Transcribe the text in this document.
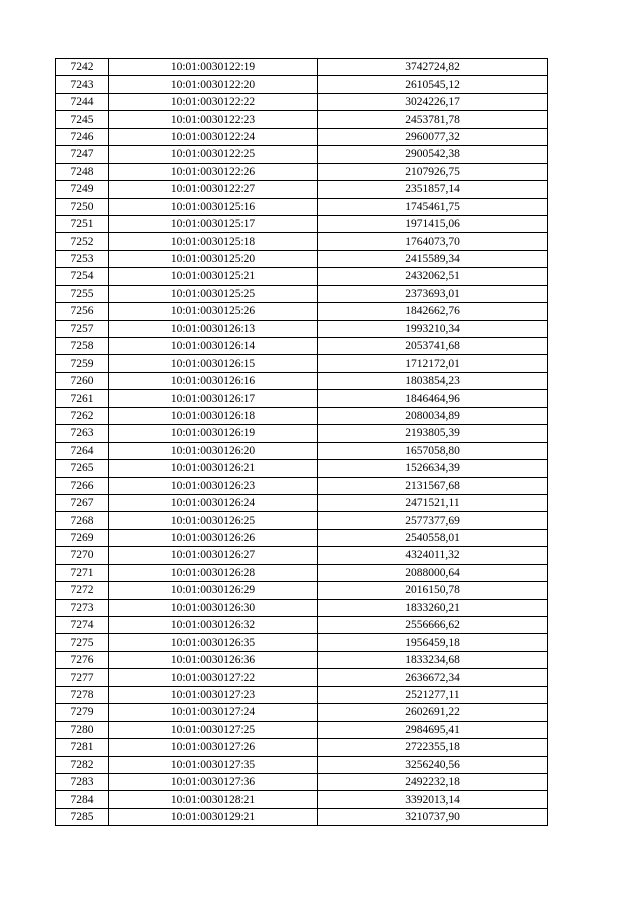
7242	10:01:0030122:19	3742724,82
7243	10:01:0030122:20	2610545,12
7244	10:01:0030122:22	3024226,17
7245	10:01:0030122:23	2453781,78
7246	10:01:0030122:24	2960077,32
7247	10:01:0030122:25	2900542,38
7248	10:01:0030122:26	2107926,75
7249	10:01:0030122:27	2351857,14
7250	10:01:0030125:16	1745461,75
7251	10:01:0030125:17	1971415,06
7252	10:01:0030125:18	1764073,70
7253	10:01:0030125:20	2415589,34
7254	10:01:0030125:21	2432062,51
7255	10:01:0030125:25	2373693,01
7256	10:01:0030125:26	1842662,76
7257	10:01:0030126:13	1993210,34
7258	10:01:0030126:14	2053741,68
7259	10:01:0030126:15	1712172,01
7260	10:01:0030126:16	1803854,23
7261	10:01:0030126:17	1846464,96
7262	10:01:0030126:18	2080034,89
7263	10:01:0030126:19	2193805,39
7264	10:01:0030126:20	1657058,80
7265	10:01:0030126:21	1526634,39
7266	10:01:0030126:23	2131567,68
7267	10:01:0030126:24	2471521,11
7268	10:01:0030126:25	2577377,69
7269	10:01:0030126:26	2540558,01
7270	10:01:0030126:27	4324011,32
7271	10:01:0030126:28	2088000,64
7272	10:01:0030126:29	2016150,78
7273	10:01:0030126:30	1833260,21
7274	10:01:0030126:32	2556666,62
7275	10:01:0030126:35	1956459,18
7276	10:01:0030126:36	1833234,68
7277	10:01:0030127:22	2636672,34
7278	10:01:0030127:23	2521277,11
7279	10:01:0030127:24	2602691,22
7280	10:01:0030127:25	2984695,41
7281	10:01:0030127:26	2722355,18
7282	10:01:0030127:35	3256240,56
7283	10:01:0030127:36	2492232,18
7284	10:01:0030128:21	3392013,14
7285	10:01:0030129:21	3210737,90
